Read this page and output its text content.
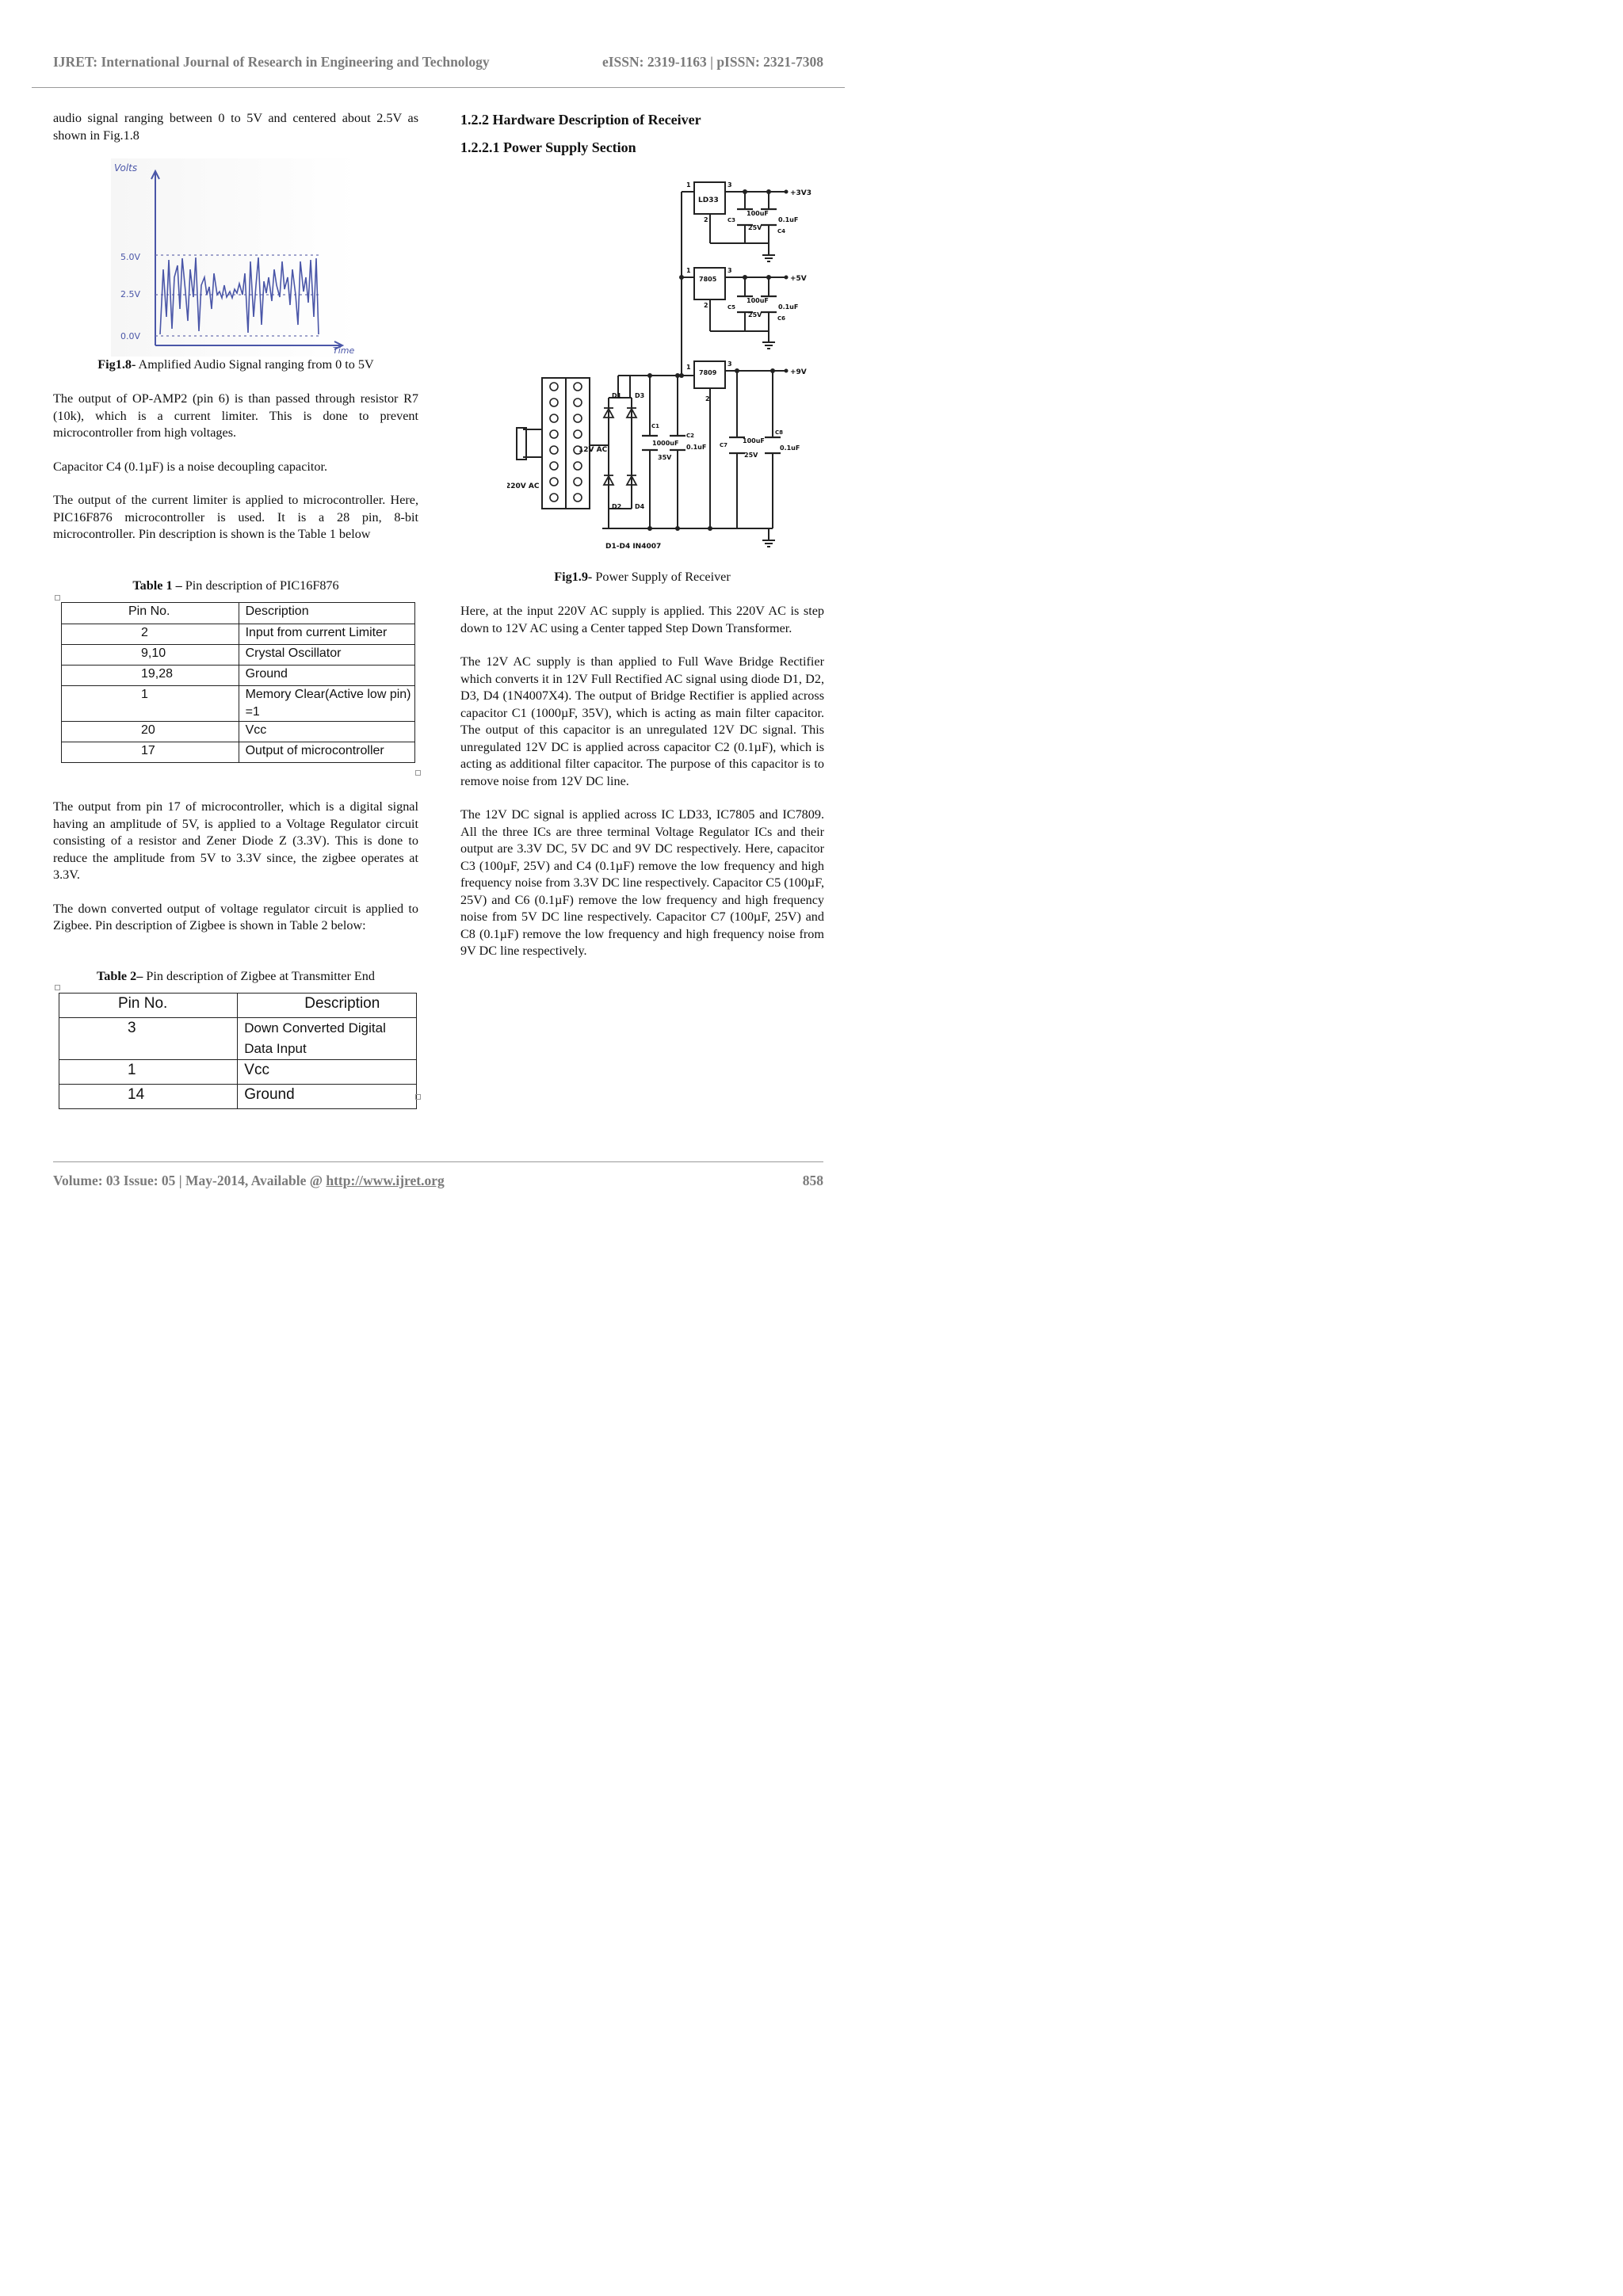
IJRET: International Journal of Research in Engineering and Technology	eISSN: 2319-1163 | pISSN: 2321-7308

audio signal ranging between 0 to 5V and centered about 2.5V as shown in Fig.1.8

Volts
Time
5.0V
2.5V
0.0V
Fig1.8- Amplified Audio Signal ranging from 0 to 5V

The output of OP-AMP2 (pin 6) is than passed through resistor R7 (10k), which is a current limiter. This is done to prevent microcontroller from high voltages.

Capacitor C4 (0.1µF) is a noise decoupling capacitor.

The output of the current limiter is applied to microcontroller. Here, PIC16F876 microcontroller is used. It is a 28 pin, 8-bit microcontroller. Pin description is shown is the Table 1 below

Table 1 – Pin description of PIC16F876
Pin No.	Description
2	Input from current Limiter
9,10	Crystal Oscillator
19,28	Ground
1	Memory Clear(Active low pin) =1
20	Vcc
17	Output of microcontroller

The output from pin 17 of microcontroller, which is a digital signal having an amplitude of 5V, is applied to a Voltage Regulator circuit consisting of a resistor and Zener Diode Z (3.3V). This is done to reduce the amplitude from 5V to 3.3V since, the zigbee operates at 3.3V.

The down converted output of voltage regulator circuit is applied to Zigbee. Pin description of Zigbee is shown in Table 2 below:

Table 2– Pin description of Zigbee at Transmitter End
Pin No.	Description
3	Down Converted Digital Data Input
1	Vcc
14	Ground

1.2.2 Hardware Description of Receiver

1.2.2.1 Power Supply Section

LD33
7805
7809
+3V3
+5V
+9V
1	3
2
1	3
2
1	3
2
C3
C4
C5
C6
C7
C8
100uF
25V
0.1uF
100uF
25V
0.1uF
100uF
25V
0.1uF
C1
1000uF
35V
C2
0.1uF
D1 D3
D2 D4
12V AC
220V AC
D1-D4 IN4007
Fig1.9- Power Supply of Receiver

Here, at the input 220V AC supply is applied. This 220V AC is step down to 12V AC using a Center tapped Step Down Transformer.

The 12V AC supply is than applied to Full Wave Bridge Rectifier which converts it in 12V Full Rectified AC signal using diode D1, D2, D3, D4 (1N4007X4). The output of Bridge Rectifier is applied across capacitor C1 (1000µF, 35V), which is acting as main filter capacitor. The output of this capacitor is an unregulated 12V DC signal. This unregulated 12V DC is applied across capacitor C2 (0.1µF), which is acting as additional filter capacitor. The purpose of this capacitor is to remove noise from 12V DC line.

The 12V DC signal is applied across IC LD33, IC7805 and IC7809. All the three ICs are three terminal Voltage Regulator ICs and their output are 3.3V DC, 5V DC and 9V DC respectively. Here, capacitor C3 (100µF, 25V) and C4 (0.1µF) remove the low frequency and high frequency noise from 3.3V DC line respectively. Capacitor C5 (100µF, 25V) and C6 (0.1µF) remove the low frequency and high frequency noise from 5V DC line respectively. Capacitor C7 (100µF, 25V) and C8 (0.1µF) remove the low frequency and high frequency noise from 9V DC line respectively.

Volume: 03 Issue: 05 | May-2014, Available @ http://www.ijret.org	858
